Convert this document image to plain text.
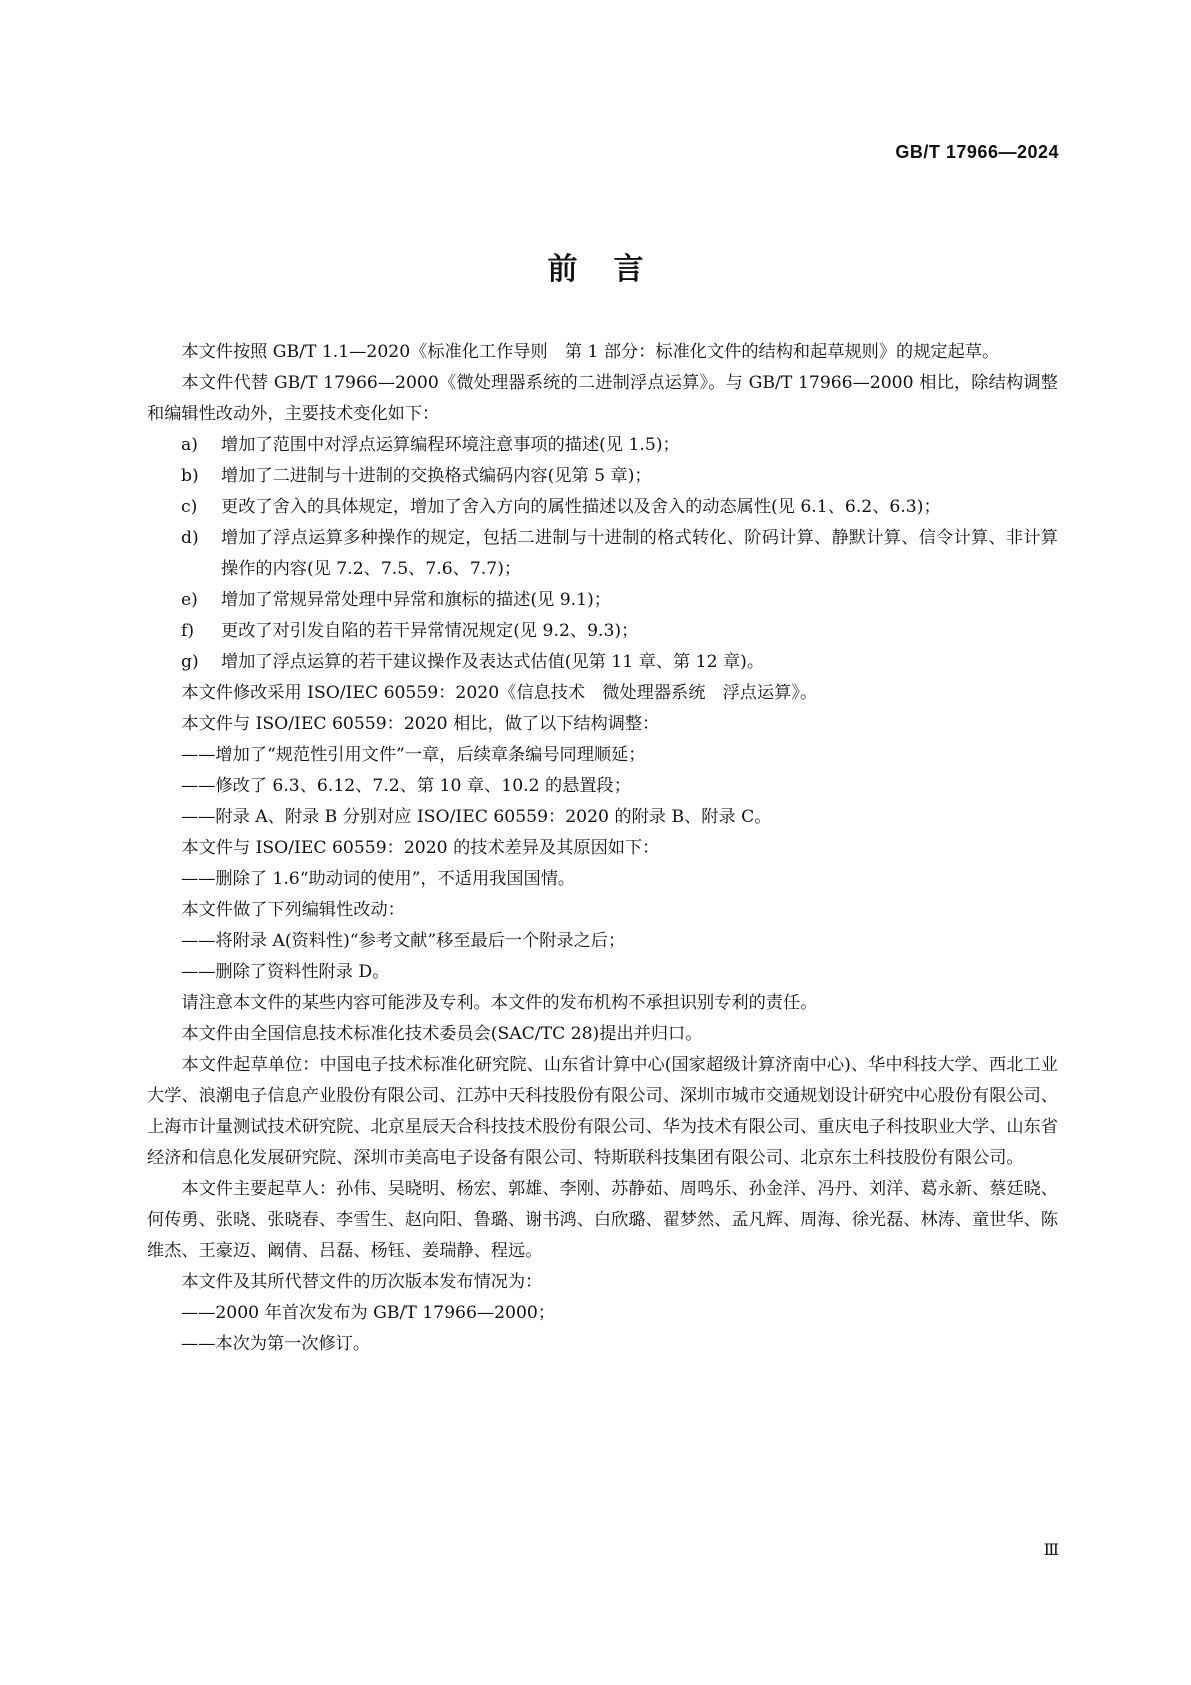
GB/T 17966—2024
前言

本文件按照 GB/T 1.1—2020《标准化工作导则　第 1 部分：标准化文件的结构和起草规则》的规定起草。

本文件代替 GB/T 17966—2000《微处理器系统的二进制浮点运算》。与 GB/T 17966—2000 相比，除结构调整和编辑性改动外，主要技术变化如下：

a)	增加了范围中对浮点运算编程环境注意事项的描述(见 1.5)；
b)	增加了二进制与十进制的交换格式编码内容(见第 5 章)；
c)	更改了舍入的具体规定，增加了舍入方向的属性描述以及舍入的动态属性(见 6.1、6.2、6.3)；
d)	增加了浮点运算多种操作的规定，包括二进制与十进制的格式转化、阶码计算、静默计算、信令计算、非计算操作的内容(见 7.2、7.5、7.6、7.7)；
e)	增加了常规异常处理中异常和旗标的描述(见 9.1)；
f)	更改了对引发自陷的若干异常情况规定(见 9.2、9.3)；
g)	增加了浮点运算的若干建议操作及表达式估值(见第 11 章、第 12 章)。

本文件修改采用 ISO/IEC 60559：2020《信息技术　微处理器系统　浮点运算》。

本文件与 ISO/IEC 60559：2020 相比，做了以下结构调整：

——增加了“规范性引用文件”一章，后续章条编号同理顺延；

——修改了 6.3、6.12、7.2、第 10 章、10.2 的悬置段；

——附录 A、附录 B 分别对应 ISO/IEC 60559：2020 的附录 B、附录 C。

本文件与 ISO/IEC 60559：2020 的技术差异及其原因如下：

——删除了 1.6“助动词的使用”，不适用我国国情。

本文件做了下列编辑性改动：

——将附录 A(资料性)“参考文献”移至最后一个附录之后；

——删除了资料性附录 D。

请注意本文件的某些内容可能涉及专利。本文件的发布机构不承担识别专利的责任。

本文件由全国信息技术标准化技术委员会(SAC/TC 28)提出并归口。

本文件起草单位：中国电子技术标准化研究院、山东省计算中心(国家超级计算济南中心)、华中科技大学、西北工业大学、浪潮电子信息产业股份有限公司、江苏中天科技股份有限公司、深圳市城市交通规划设计研究中心股份有限公司、上海市计量测试技术研究院、北京星辰天合科技技术股份有限公司、华为技术有限公司、重庆电子科技职业大学、山东省经济和信息化发展研究院、深圳市美高电子设备有限公司、特斯联科技集团有限公司、北京东土科技股份有限公司。

本文件主要起草人：孙伟、吴晓明、杨宏、郭雄、李刚、苏静茹、周鸣乐、孙金洋、冯丹、刘洋、葛永新、蔡廷晓、何传勇、张晓、张晓春、李雪生、赵向阳、鲁璐、谢书鸿、白欣璐、翟梦然、孟凡辉、周海、徐光磊、林涛、童世华、陈维杰、王豪迈、阚倩、吕磊、杨钰、姜瑞静、程远。

本文件及其所代替文件的历次版本发布情况为：

——2000 年首次发布为 GB/T 17966—2000；

——本次为第一次修订。

Ⅲ
